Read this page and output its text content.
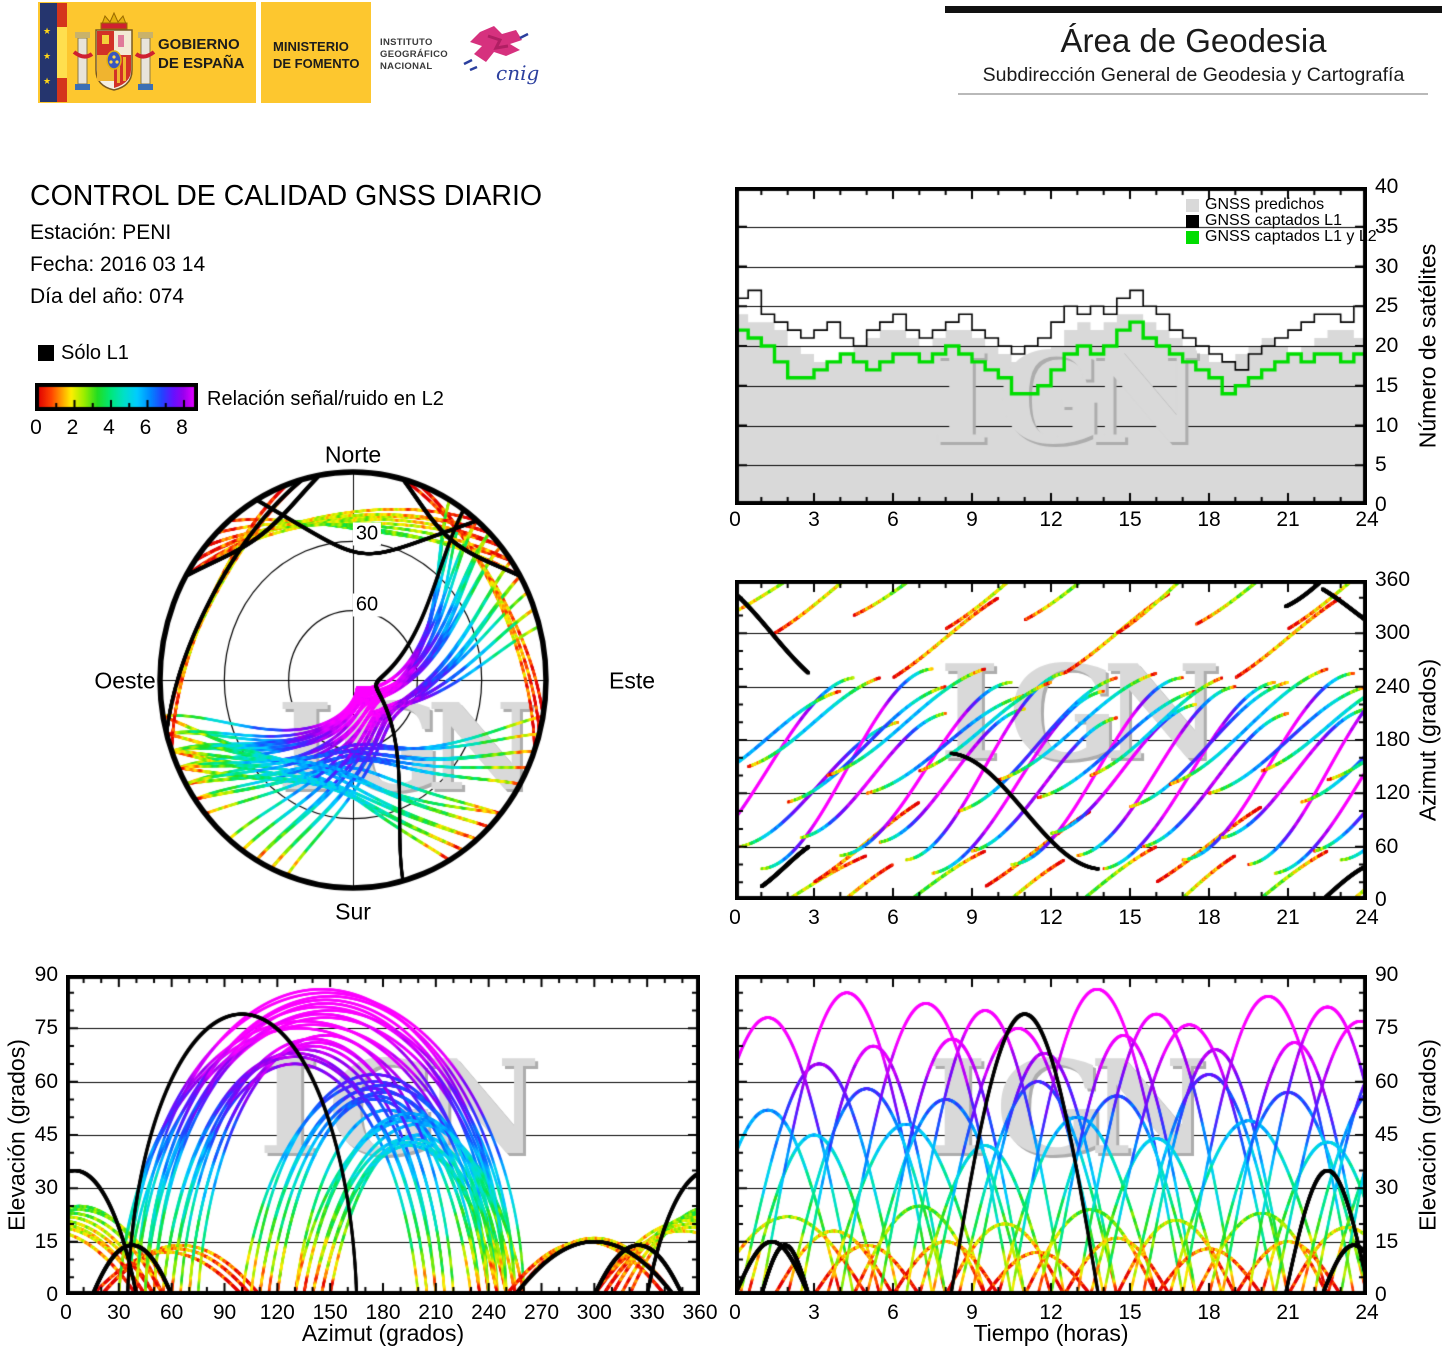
★
★
★
GOBIERNO
DE ESPAÑA
MINISTERIO
DE FOMENTO
INSTITUTO
GEOGRÁFICO
NACIONAL	cnig
Área de Geodesia
Subdirección General de Geodesia y Cartografía
CONTROL DE CALIDAD GNSS DIARIO
Estación: PENI
Fecha: 2016 03 14
Día del año: 074
Sólo L1
Relación señal/ruido en L2
0 2 4 6 8
Norte
Sur
Oeste	Este
30
60
GNSS predichos
GNSS captados L1
GNSS captados L1 y L2
Número de satélites
Azimut (grados)
Elevación (grados)
Elevación (grados)
Azimut (grados)	Tiempo (horas)
0	3	6	9	12	15	18	21	24
0
5
10
15
20
25
30
35
40
0	3	6	9	12	15	18	21	24
0
60
120
180
240
300
360
0 30 60 90 120 150 180 210 240 270 300 330 360
0
15
30
45
60
75
90
0	3	6	9	12	15	18	21	24
0
15
30
45
60
75
90
